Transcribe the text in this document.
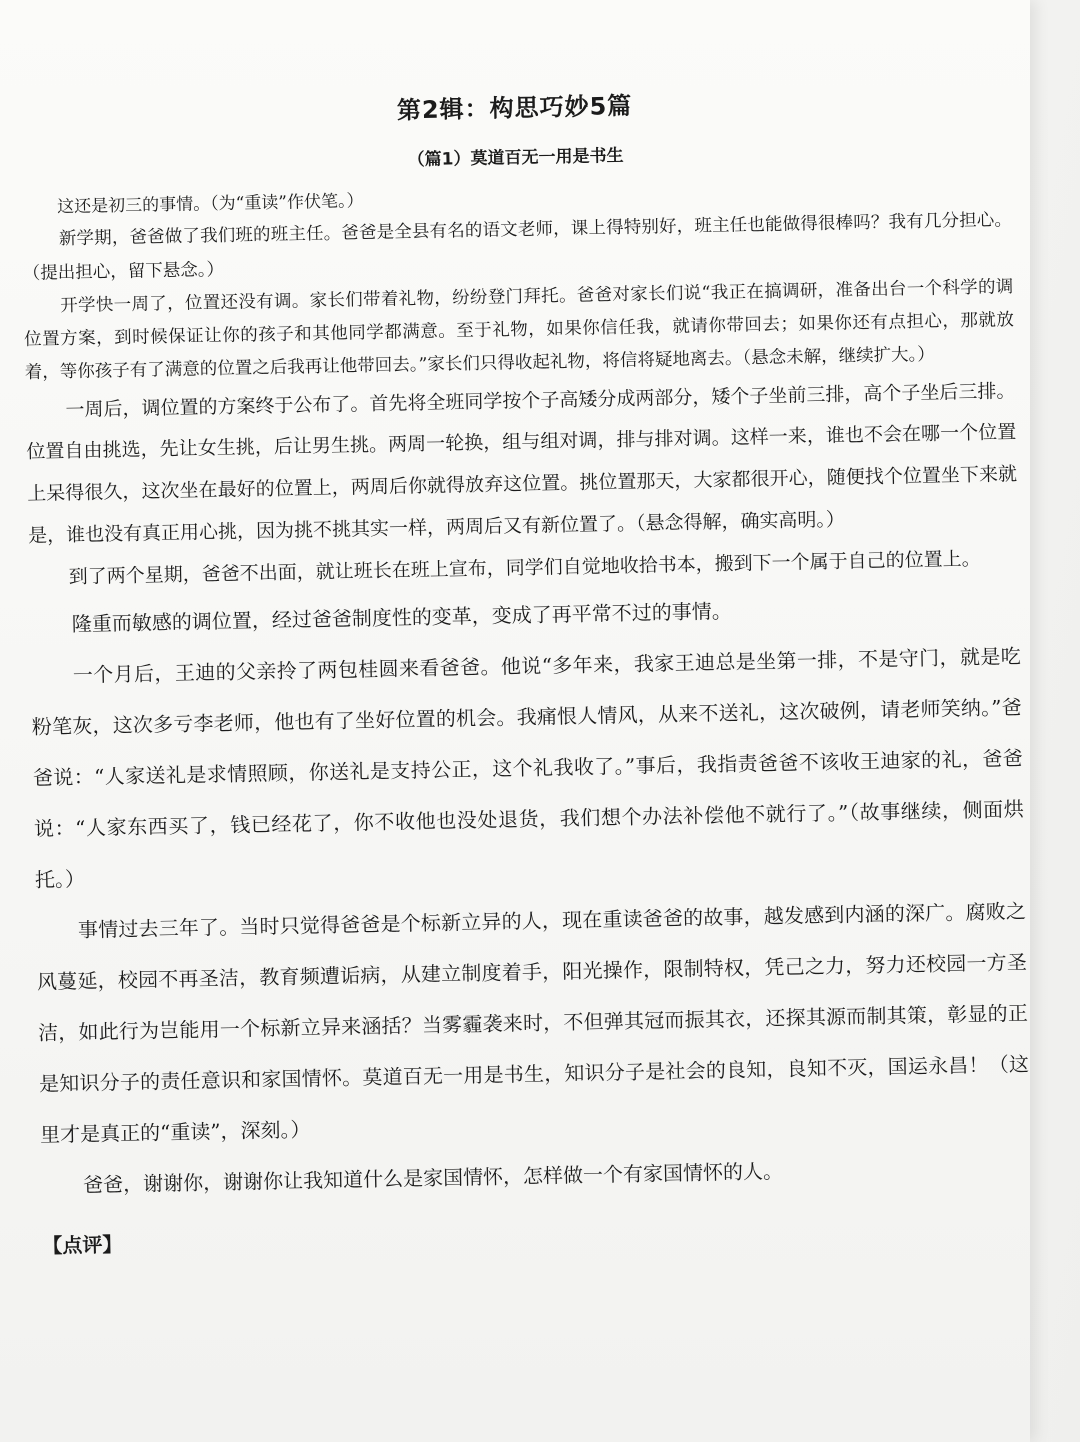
第2辑：构思巧妙5篇
（篇1）莫道百无一用是书生

这还是初三的事情。（为“重读”作伏笔。）

新学期，爸爸做了我们班的班主任。爸爸是全县有名的语文老师，课上得特别好，班主任也能做得很棒吗？我有几分担心。（提出担心，留下悬念。）

开学快一周了，位置还没有调。家长们带着礼物，纷纷登门拜托。爸爸对家长们说“我正在搞调研，准备出台一个科学的调位置方案，到时候保证让你的孩子和其他同学都满意。至于礼物，如果你信任我，就请你带回去；如果你还有点担心，那就放着，等你孩子有了满意的位置之后我再让他带回去。”家长们只得收起礼物，将信将疑地离去。（悬念未解，继续扩大。）

一周后，调位置的方案终于公布了。首先将全班同学按个子高矮分成两部分，矮个子坐前三排，高个子坐后三排。位置自由挑选，先让女生挑，后让男生挑。两周一轮换，组与组对调，排与排对调。这样一来，谁也不会在哪一个位置上呆得很久，这次坐在最好的位置上，两周后你就得放弃这位置。挑位置那天，大家都很开心，随便找个位置坐下来就是，谁也没有真正用心挑，因为挑不挑其实一样，两周后又有新位置了。（悬念得解，确实高明。）

到了两个星期，爸爸不出面，就让班长在班上宣布，同学们自觉地收拾书本，搬到下一个属于自己的位置上。

隆重而敏感的调位置，经过爸爸制度性的变革，变成了再平常不过的事情。

一个月后，王迪的父亲拎了两包桂圆来看爸爸。他说“多年来，我家王迪总是坐第一排，不是守门，就是吃粉笔灰，这次多亏李老师，他也有了坐好位置的机会。我痛恨人情风，从来不送礼，这次破例，请老师笑纳。”爸爸说：“人家送礼是求情照顾，你送礼是支持公正，这个礼我收了。”事后，我指责爸爸不该收王迪家的礼，爸爸说：“人家东西买了，钱已经花了，你不收他也没处退货，我们想个办法补偿他不就行了。”（故事继续，侧面烘托。）

事情过去三年了。当时只觉得爸爸是个标新立异的人，现在重读爸爸的故事，越发感到内涵的深广。腐败之风蔓延，校园不再圣洁，教育频遭诟病，从建立制度着手，阳光操作，限制特权，凭己之力，努力还校园一方圣洁，如此行为岂能用一个标新立异来涵括？当雾霾袭来时，不但弹其冠而振其衣，还探其源而制其策，彰显的正是知识分子的责任意识和家国情怀。莫道百无一用是书生，知识分子是社会的良知，良知不灭，国运永昌！（这里才是真正的“重读”，深刻。）

爸爸，谢谢你，谢谢你让我知道什么是家国情怀，怎样做一个有家国情怀的人。

【点评】
